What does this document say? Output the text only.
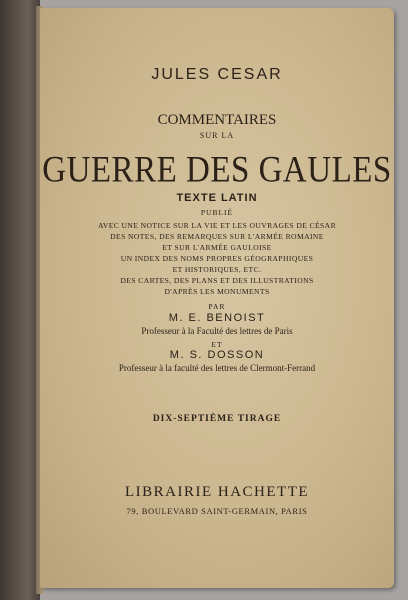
JULES CESAR
COMMENTAIRES
SUR LA
GUERRE DES GAULES
TEXTE LATIN
PUBLIÉ
AVEC UNE NOTICE SUR LA VIE ET LES OUVRAGES DE CÉSAR
DES NOTES, DES REMARQUES SUR L'ARMÉE ROMAINE
ET SUR L'ARMÉE GAULOISE
UN INDEX DES NOMS PROPRES GÉOGRAPHIQUES
ET HISTORIQUES, ETC.
DES CARTES, DES PLANS ET DES ILLUSTRATIONS
D'APRÈS LES MONUMENTS
PAR
M. E. BENOIST
Professeur à la Faculté des lettres de Paris
ET
M. S. DOSSON
Professeur à la faculté des lettres de Clermont-Ferrand
DIX-SEPTIÈME TIRAGE
LIBRAIRIE HACHETTE
79, BOULEVARD SAINT-GERMAIN, PARIS
